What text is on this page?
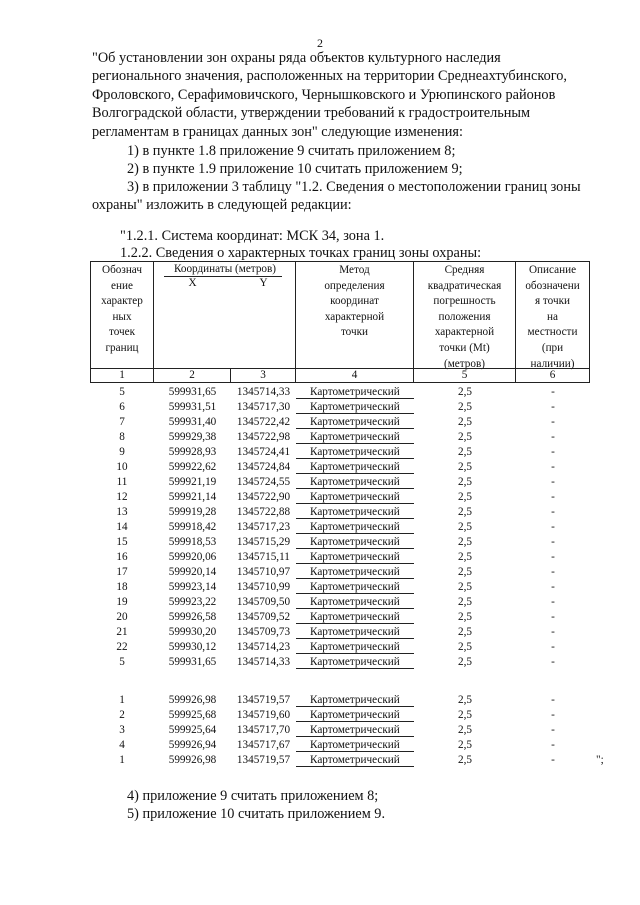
2
"Об установлении зон охраны ряда объектов культурного наследия
регионального значения, расположенных на территории Среднеахтубинского,
Фроловского, Серафимовичского, Чернышковского и Урюпинского районов
Волгоградской области, утверждении требований к градостроительным
регламентам в границах данных зон" следующие изменения:
1) в пункте 1.8 приложение 9 считать приложением 8;
2) в пункте 1.9 приложение 10 считать приложением 9;
3) в приложении 3 таблицу "1.2. Сведения о местоположении границ зоны
охраны" изложить в следующей редакции:
"1.2.1. Система координат: МСК 34, зона 1.
1.2.2. Сведения о характерных точках границ зоны охраны:
Обознач
ение
характер
ных
точек
границ
Координаты (метров)
X	Y
Метод
определения
координат
характерной
точки
Средняя
квадратическая
погрешность
положения
характерной
точки (Mt)
(метров)
Описание
обозначени
я точки
на
местности
(при
наличии)
1	2	3	4	5	6
5	599931,65	1345714,33	Картометрический	2,5	-
6	599931,51	1345717,30	Картометрический	2,5	-
7	599931,40	1345722,42	Картометрический	2,5	-
8	599929,38	1345722,98	Картометрический	2,5	-
9	599928,93	1345724,41	Картометрический	2,5	-
10	599922,62	1345724,84	Картометрический	2,5	-
11	599921,19	1345724,55	Картометрический	2,5	-
12	599921,14	1345722,90	Картометрический	2,5	-
13	599919,28	1345722,88	Картометрический	2,5	-
14	599918,42	1345717,23	Картометрический	2,5	-
15	599918,53	1345715,29	Картометрический	2,5	-
16	599920,06	1345715,11	Картометрический	2,5	-
17	599920,14	1345710,97	Картометрический	2,5	-
18	599923,14	1345710,99	Картометрический	2,5	-
19	599923,22	1345709,50	Картометрический	2,5	-
20	599926,58	1345709,52	Картометрический	2,5	-
21	599930,20	1345709,73	Картометрический	2,5	-
22	599930,12	1345714,23	Картометрический	2,5	-
5	599931,65	1345714,33	Картометрический	2,5	-
1	599926,98	1345719,57	Картометрический	2,5	-
2	599925,68	1345719,60	Картометрический	2,5	-
3	599925,64	1345717,70	Картометрический	2,5	-
4	599926,94	1345717,67	Картометрический	2,5	-
1	599926,98	1345719,57	Картометрический	2,5	-	";
4) приложение 9 считать приложением 8;
5) приложение 10 считать приложением 9.
